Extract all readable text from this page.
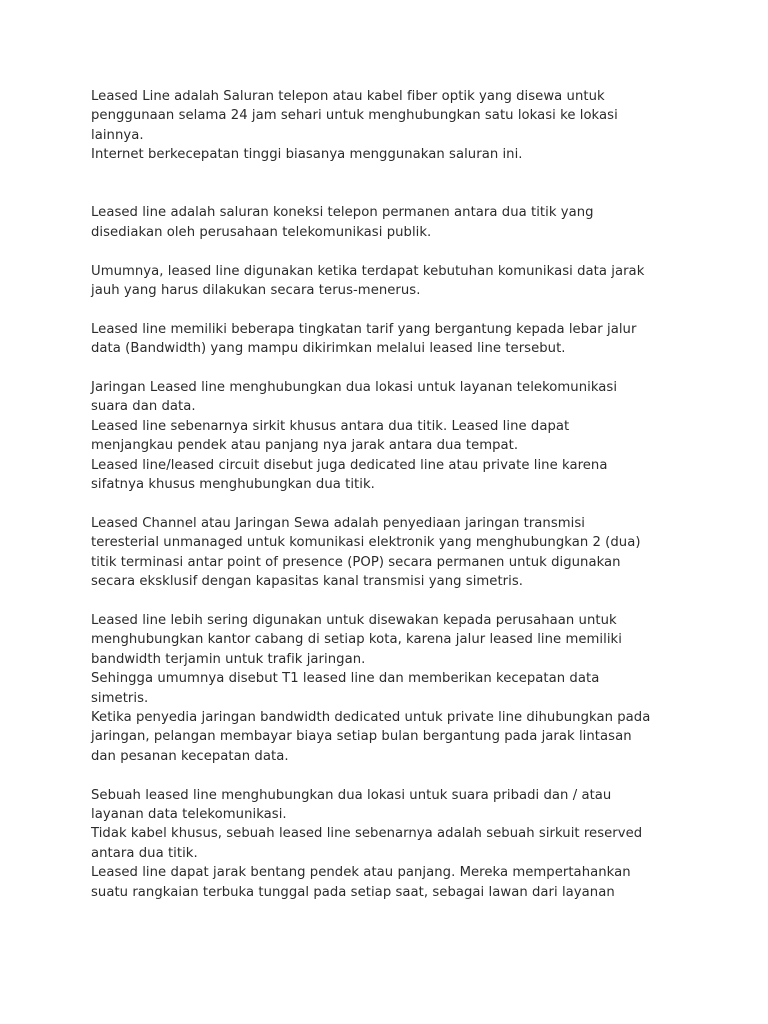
Leased Line adalah Saluran telepon atau kabel fiber optik yang disewa untuk
penggunaan selama 24 jam sehari untuk menghubungkan satu lokasi ke lokasi
lainnya.
Internet berkecepatan tinggi biasanya menggunakan saluran ini.

Leased line adalah saluran koneksi telepon permanen antara dua titik yang
disediakan oleh perusahaan telekomunikasi publik.

Umumnya, leased line digunakan ketika terdapat kebutuhan komunikasi data jarak
jauh yang harus dilakukan secara terus-menerus.

Leased line memiliki beberapa tingkatan tarif yang bergantung kepada lebar jalur
data (Bandwidth) yang mampu dikirimkan melalui leased line tersebut.

Jaringan Leased line menghubungkan dua lokasi untuk layanan telekomunikasi
suara dan data.
Leased line sebenarnya sirkit khusus antara dua titik. Leased line dapat
menjangkau pendek atau panjang nya jarak antara dua tempat.
Leased line/leased circuit disebut juga dedicated line atau private line karena
sifatnya khusus menghubungkan dua titik.

Leased Channel atau Jaringan Sewa adalah penyediaan jaringan transmisi
teresterial unmanaged untuk komunikasi elektronik yang menghubungkan 2 (dua)
titik terminasi antar point of presence (POP) secara permanen untuk digunakan
secara eksklusif dengan kapasitas kanal transmisi yang simetris.

Leased line lebih sering digunakan untuk disewakan kepada perusahaan untuk
menghubungkan kantor cabang di setiap kota, karena jalur leased line memiliki
bandwidth terjamin untuk trafik jaringan.
Sehingga umumnya disebut T1 leased line dan memberikan kecepatan data
simetris.
Ketika penyedia jaringan bandwidth dedicated untuk private line dihubungkan pada
jaringan, pelangan membayar biaya setiap bulan bergantung pada jarak lintasan
dan pesanan kecepatan data.

Sebuah leased line menghubungkan dua lokasi untuk suara pribadi dan / atau
layanan data telekomunikasi.
Tidak kabel khusus, sebuah leased line sebenarnya adalah sebuah sirkuit reserved
antara dua titik.
Leased line dapat jarak bentang pendek atau panjang. Mereka mempertahankan
suatu rangkaian terbuka tunggal pada setiap saat, sebagai lawan dari layanan
